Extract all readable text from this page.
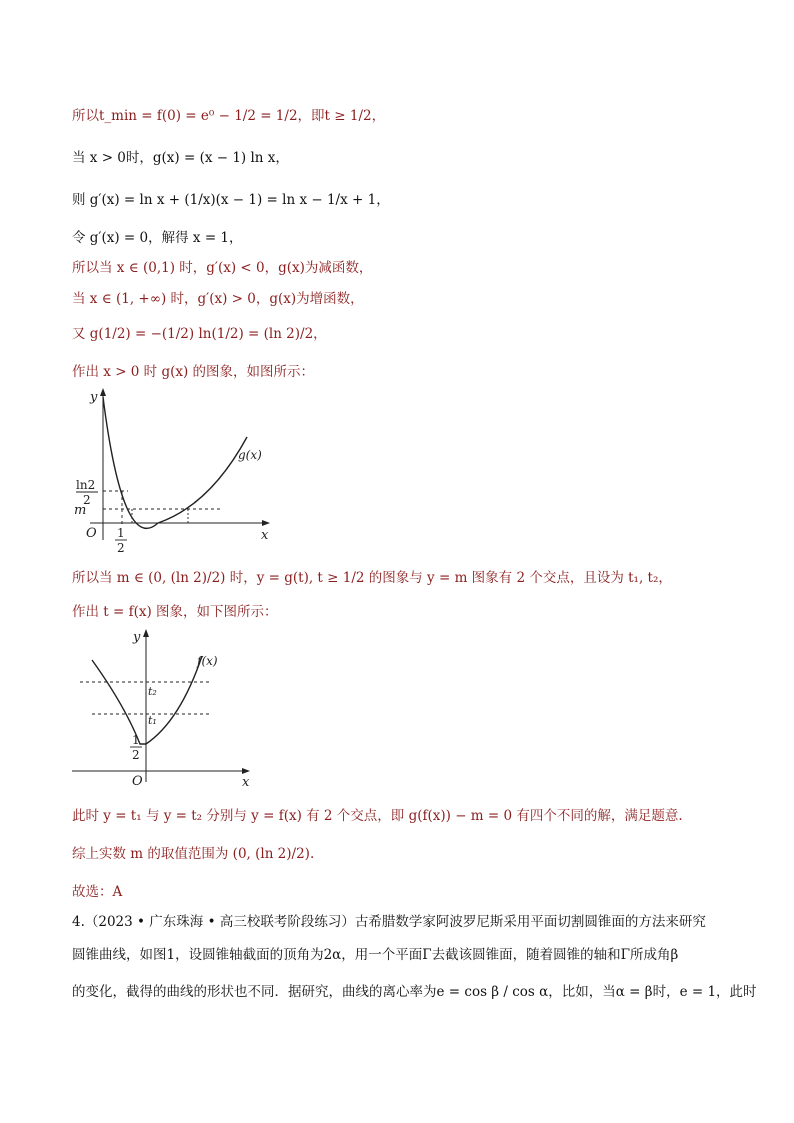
所以t_min = f(0) = e⁰ − 1/2 = 1/2，即t ≥ 1/2，
当 x > 0时，g(x) = (x − 1) ln x，
则 g′(x) = ln x + (1/x)(x − 1) = ln x − 1/x + 1，
令 g′(x) = 0，解得 x = 1，
所以当 x ∈ (0,1) 时，g′(x) < 0，g(x)为减函数，
当 x ∈ (1, +∞) 时，g′(x) > 0，g(x)为增函数，
又 g(1/2) = −(1/2) ln(1/2) = (ln 2)/2，
作出 x > 0 时 g(x) 的图象，如图所示：
y
x
O
g(x)
ln2
2
m
1
2
所以当 m ∈ (0, (ln 2)/2) 时，y = g(t), t ≥ 1/2 的图象与 y = m 图象有 2 个交点，且设为 t₁, t₂，
作出 t = f(x) 图象，如下图所示：
y
x
O
f(x)
t₂
t₁
1
2
此时 y = t₁ 与 y = t₂ 分别与 y = f(x) 有 2 个交点，即 g(f(x)) − m = 0 有四个不同的解，满足题意.
综上实数 m 的取值范围为 (0, (ln 2)/2).
故选：A
4.（2023 • 广东珠海 • 高三校联考阶段练习）古希腊数学家阿波罗尼斯采用平面切割圆锥面的方法来研究
圆锥曲线，如图1，设圆锥轴截面的顶角为2α，用一个平面Γ去截该圆锥面，随着圆锥的轴和Γ所成角β
的变化，截得的曲线的形状也不同．据研究，曲线的离心率为e = cos β / cos α，比如，当α = β时，e = 1，此时
